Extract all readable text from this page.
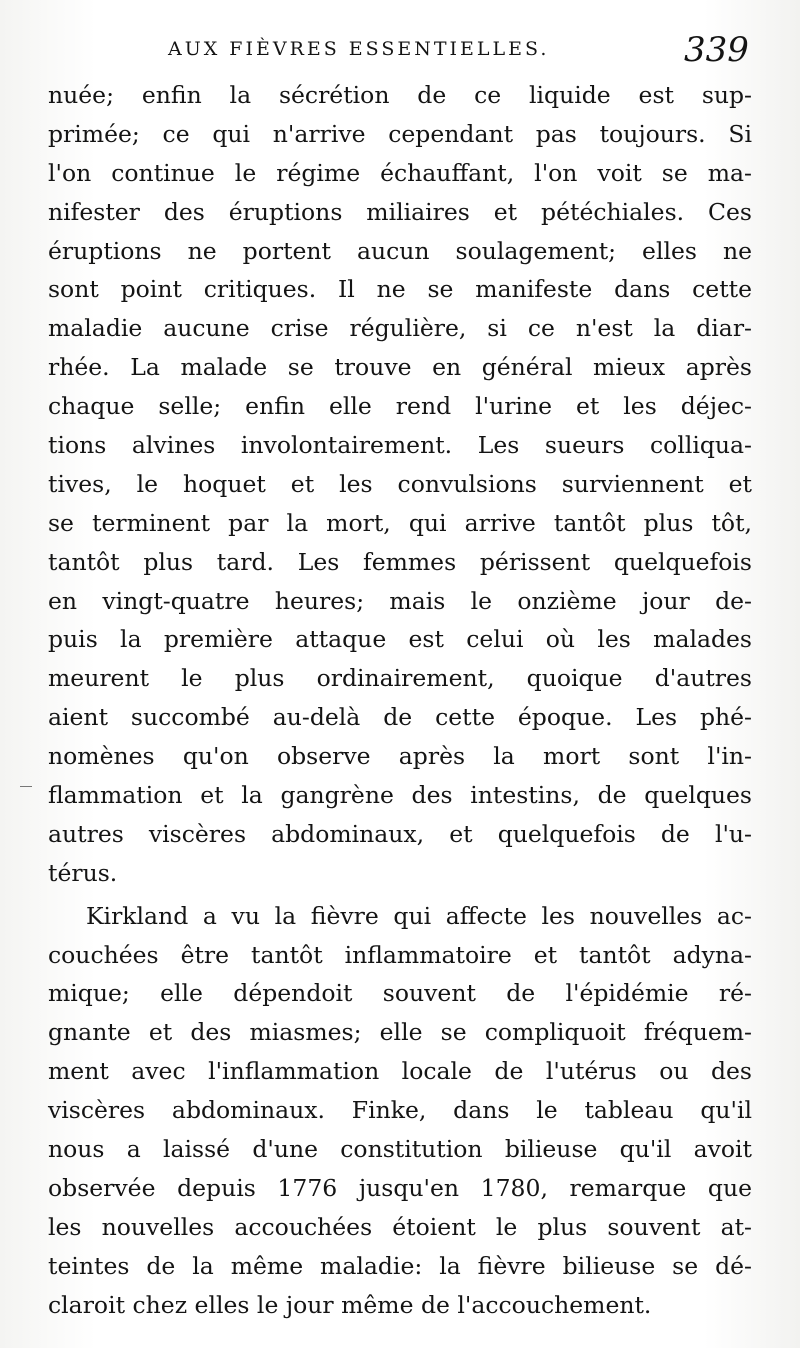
AUX FIÈVRES ESSENTIELLES.	339
nuée; enfin la sécrétion de ce liquide est sup-
primée; ce qui n'arrive cependant pas toujours. Si
l'on continue le régime échauffant, l'on voit se ma-
nifester des éruptions miliaires et pétéchiales. Ces
éruptions ne portent aucun soulagement; elles ne
sont point critiques. Il ne se manifeste dans cette
maladie aucune crise régulière, si ce n'est la diar-
rhée. La malade se trouve en général mieux après
chaque selle; enfin elle rend l'urine et les déjec-
tions alvines involontairement. Les sueurs colliqua-
tives, le hoquet et les convulsions surviennent et
se terminent par la mort, qui arrive tantôt plus tôt,
tantôt plus tard. Les femmes périssent quelquefois
en vingt-quatre heures; mais le onzième jour de-
puis la première attaque est celui où les malades
meurent le plus ordinairement, quoique d'autres
aient succombé au-delà de cette époque. Les phé-
nomènes qu'on observe après la mort sont l'in-
flammation et la gangrène des intestins, de quelques
autres viscères abdominaux, et quelquefois de l'u-
térus.
Kirkland a vu la fièvre qui affecte les nouvelles ac-
couchées être tantôt inflammatoire et tantôt adyna-
mique; elle dépendoit souvent de l'épidémie ré-
gnante et des miasmes; elle se compliquoit fréquem-
ment avec l'inflammation locale de l'utérus ou des
viscères abdominaux. Finke, dans le tableau qu'il
nous a laissé d'une constitution bilieuse qu'il avoit
observée depuis 1776 jusqu'en 1780, remarque que
les nouvelles accouchées étoient le plus souvent at-
teintes de la même maladie: la fièvre bilieuse se dé-
claroit chez elles le jour même de l'accouchement.
